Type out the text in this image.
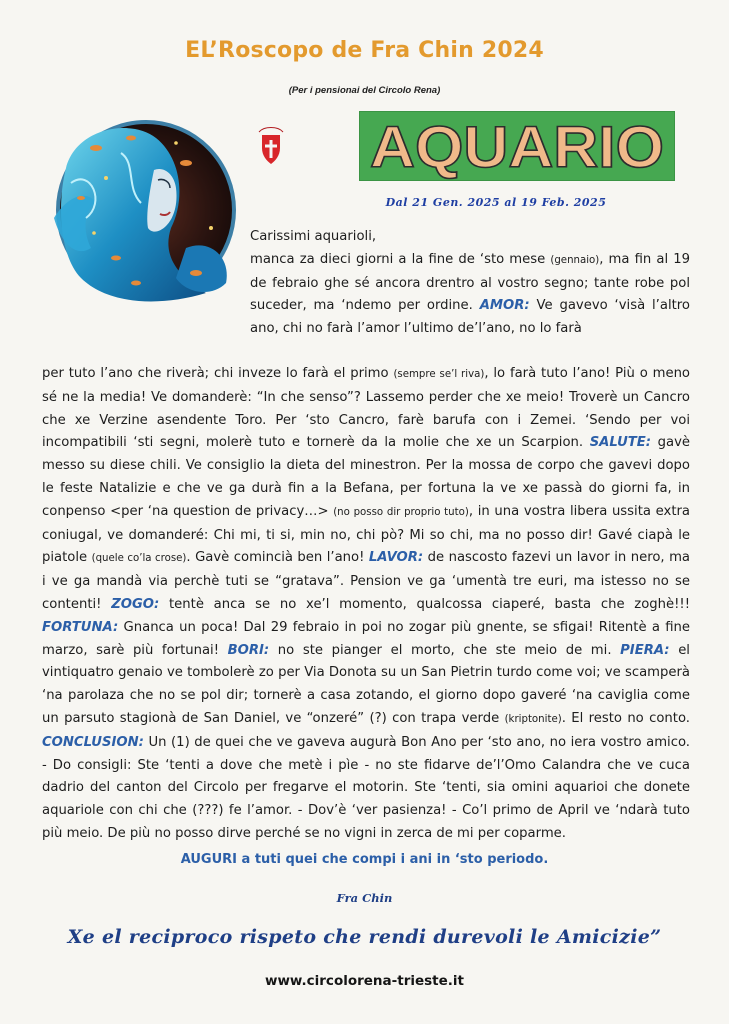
EL’Roscopo de Fra Chin 2024
(Per i pensionai del Circolo Rena)
AQUARIO
Dal 21 Gen. 2025 al 19 Feb. 2025

Carissimi aquarioli,

manca za dieci giorni a la fine de ‘sto mese (gennaio), ma fin al 19 de febraio ghe sé ancora drentro al vostro segno; tante robe pol suceder, ma ‘ndemo per ordine. AMOR: Ve gavevo ‘visà l’altro ano, chi no farà l’amor l’ultimo de’l’ano, no lo farà

per tuto l’ano che riverà; chi inveze lo farà el primo (sempre se’l riva), lo farà tuto l’ano! Più o meno sé ne la media! Ve domanderè: “In che senso”? Lassemo perder che xe meio! Troverè un Cancro che xe Verzine asendente Toro. Per ‘sto Cancro, farè barufa con i Zemei. ‘Sendo per voi incompatibili ‘sti segni, molerè tuto e tornerè da la molie che xe un Scarpion. SALUTE: gavè messo su diese chili. Ve consiglio la dieta del minestron. Per la mossa de corpo che gavevi dopo le feste Natalizie e che ve ga durà fin a la Befana, per fortuna la ve xe passà do giorni fa, in conpenso <per ‘na question de privacy…> (no posso dir proprio tuto), in una vostra libera ussita extra coniugal, ve domanderé: Chi mi, ti si, min no, chi pò? Mi so chi, ma no posso dir! Gavé ciapà le piatole (quele co’la crose). Gavè comincià ben l’ano! LAVOR: de nascosto fazevi un lavor in nero, ma i ve ga mandà via perchè tuti se “gratava”. Pension ve ga ‘umentà tre euri, ma istesso no se contenti! ZOGO: tentè anca se no xe’l momento, qualcossa ciaperé, basta che zoghè!!! FORTUNA: Gnanca un poca! Dal 29 febraio in poi no zogar più gnente, se sfigai! Ritentè a fine marzo, sarè più fortunai! BORI: no ste pianger el morto, che ste meio de mi. PIERA: el vintiquatro genaio ve tombolerè zo per Via Donota su un San Pietrin turdo come voi; ve scamperà ‘na parolaza che no se pol dir; tornerè a casa zotando, el giorno dopo gaveré ‘na caviglia come un parsuto stagionà de San Daniel, ve “onzeré” (?) con trapa verde (kriptonite). El resto no conto. CONCLUSION: Un (1) de quei che ve gaveva augurà Bon Ano per ‘sto ano, no iera vostro amico. - Do consigli: Ste ‘tenti a dove che metè i pìe - no ste fidarve de’l’Omo Calandra che ve cuca dadrio del canton del Circolo per fregarve el motorin. Ste ‘tenti, sia omini aquarioi che donete aquariole con chi che (???) fe l’amor. - Dov’è ‘ver pasienza! - Co’l primo de April ve ‘ndarà tuto più meio. De più no posso dirve perché se no vigni in zerca de mi per coparme.

AUGURI a tuti quei che compi i ani in ‘sto periodo.
Fra Chin
Xe el reciproco rispeto che rendi durevoli le Amicizie”
www.circolorena-trieste.it
